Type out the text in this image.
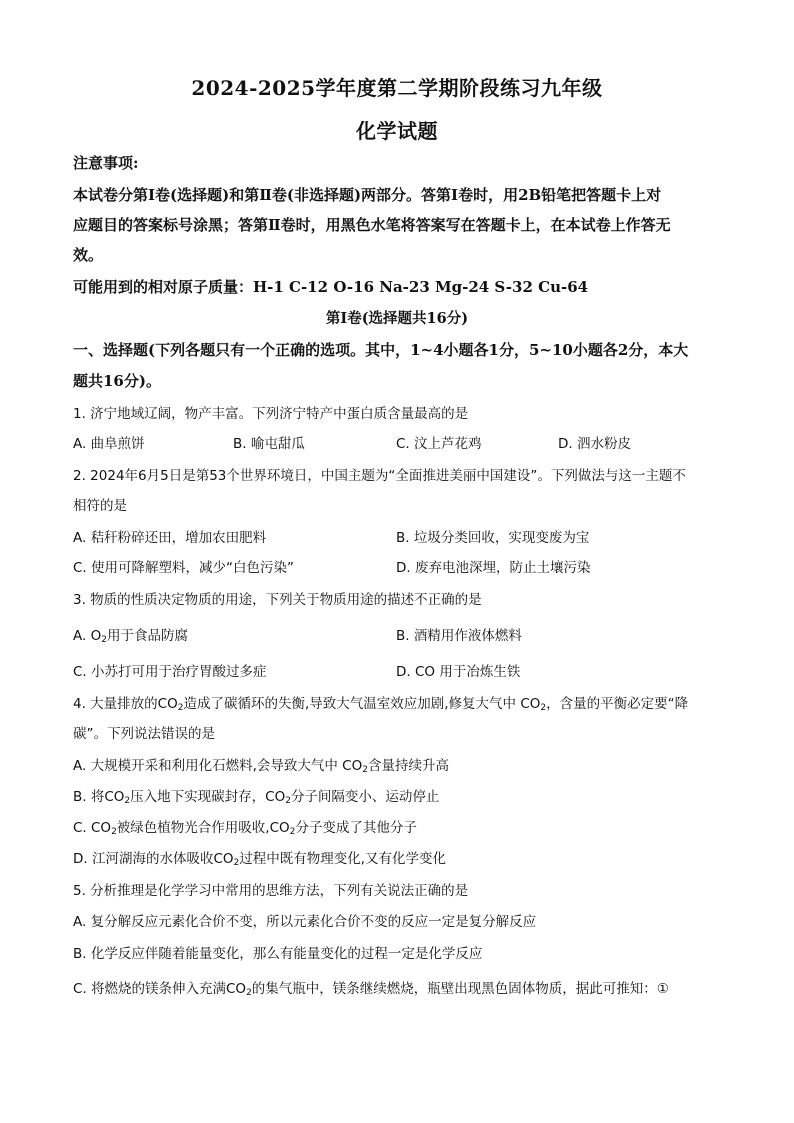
2024-2025学年度第二学期阶段练习九年级
化学试题
注意事项:
本试卷分第Ⅰ卷(选择题)和第Ⅱ卷(非选择题)两部分。答第Ⅰ卷时，用2B铅笔把答题卡上对
应题目的答案标号涂黑；答第Ⅱ卷时，用黑色水笔将答案写在答题卡上，在本试卷上作答无
效。
可能用到的相对原子质量：H-1 C-12 O-16 Na-23 Mg-24 S-32 Cu-64
第Ⅰ卷(选择题共16分)
一、选择题(下列各题只有一个正确的选项。其中，1~4小题各1分，5~10小题各2分，本大
题共16分)。
1. 济宁地域辽阔，物产丰富。下列济宁特产中蛋白质含量最高的是
A. 曲阜煎饼	B. 喻屯甜瓜	C. 汶上芦花鸡	D. 泗水粉皮
2. 2024年6月5日是第53个世界环境日，中国主题为“全面推进美丽中国建设”。下列做法与这一主题不
相符的是
A. 秸秆粉碎还田，增加农田肥料	B. 垃圾分类回收，实现变废为宝
C. 使用可降解塑料，减少“白色污染”	D. 废弃电池深埋，防止土壤污染
3. 物质的性质决定物质的用途，下列关于物质用途的描述不正确的是
A. $O_2$用于食品防腐	B. 酒精用作液体燃料
C. 小苏打可用于治疗胃酸过多症	D. CO 用于冶炼生铁
4. 大量排放的$CO_2$造成了碳循环的失衡,导致大气温室效应加剧,修复大气中 $CO_2$，含量的平衡必定要“降
碳”。下列说法错误的是
A. 大规模开采和利用化石燃料,会导致大气中 $CO_2$含量持续升高
B. 将$CO_2$压入地下实现碳封存，$CO_2$分子间隔变小、运动停止
C. $CO_2$被绿色植物光合作用吸收$,CO_2$分子变成了其他分子
D. 江河湖海的水体吸收$CO_2$过程中既有物理变化,又有化学变化
5. 分析推理是化学学习中常用的思维方法，下列有关说法正确的是
A. 复分解反应元素化合价不变，所以元素化合价不变的反应一定是复分解反应
B. 化学反应伴随着能量变化，那么有能量变化的过程一定是化学反应
C. 将燃烧的镁条伸入充满$CO_2$的集气瓶中，镁条继续燃烧，瓶壁出现黑色固体物质，据此可推知：①
